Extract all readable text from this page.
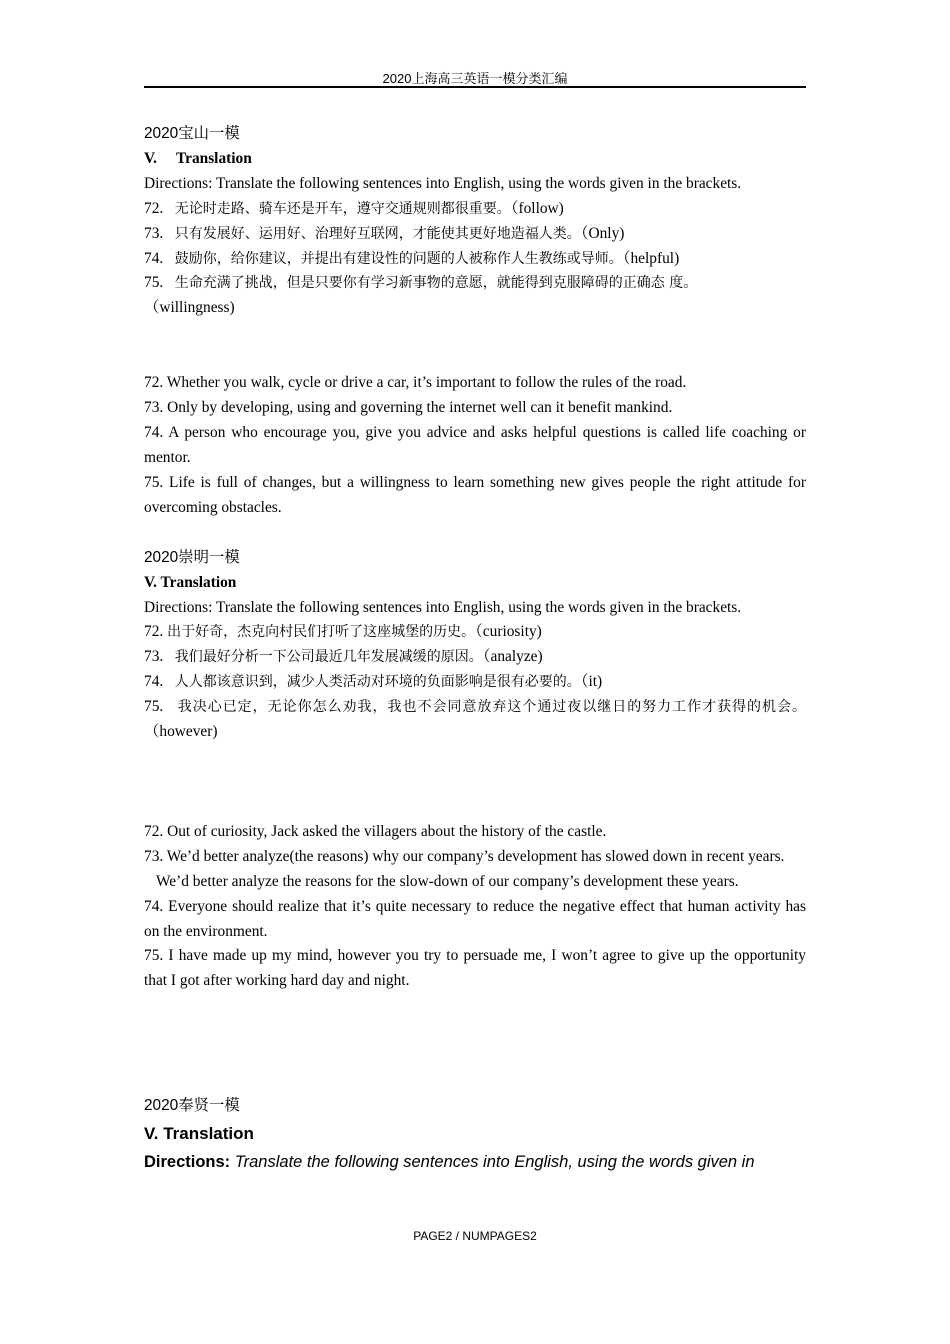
2020上海高三英语一模分类汇编
2020宝山一模
V. Translation
Directions: Translate the following sentences into English, using the words given in the brackets.
72. 无论时走路、骑车还是开车，遵守交通规则都很重要。（follow)
73. 只有发展好、运用好、治理好互联网，才能使其更好地造福人类。（Only)
74. 鼓励你，给你建议，并提出有建设性的问题的人被称作人生教练或导师。（helpful)
75. 生命充满了挑战，但是只要你有学习新事物的意愿，就能得到克服障碍的正确态 度。
（willingness)
72. Whether you walk, cycle or drive a car, it’s important to follow the rules of the road.
73. Only by developing, using and governing the internet well can it benefit mankind.
74. A person who encourage you, give you advice and asks helpful questions is called life coaching or mentor.
75. Life is full of changes, but a willingness to learn something new gives people the right attitude for overcoming obstacles.
2020崇明一模
V. Translation
Directions: Translate the following sentences into English, using the words given in the brackets.
72. 出于好奇，杰克向村民们打听了这座城堡的历史。（curiosity)
73. 我们最好分析一下公司最近几年发展减缓的原因。（analyze)
74. 人人都该意识到，减少人类活动对环境的负面影响是很有必要的。（it)
75. 我决心已定，无论你怎么劝我，我也不会同意放弃这个通过夜以继日的努力工作才获得的机会。（however)
72. Out of curiosity, Jack asked the villagers about the history of the castle.
73. We’d better analyze(the reasons) why our company’s development has slowed down in recent years.
We’d better analyze the reasons for the slow-down of our company’s development these years.
74. Everyone should realize that it’s quite necessary to reduce the negative effect that human activity has on the environment.
75. I have made up my mind, however you try to persuade me, I won’t agree to give up the opportunity that I got after working hard day and night.
2020奉贤一模
V. Translation
Directions: Translate the following sentences into English, using the words given in
PAGE2 / NUMPAGES2
